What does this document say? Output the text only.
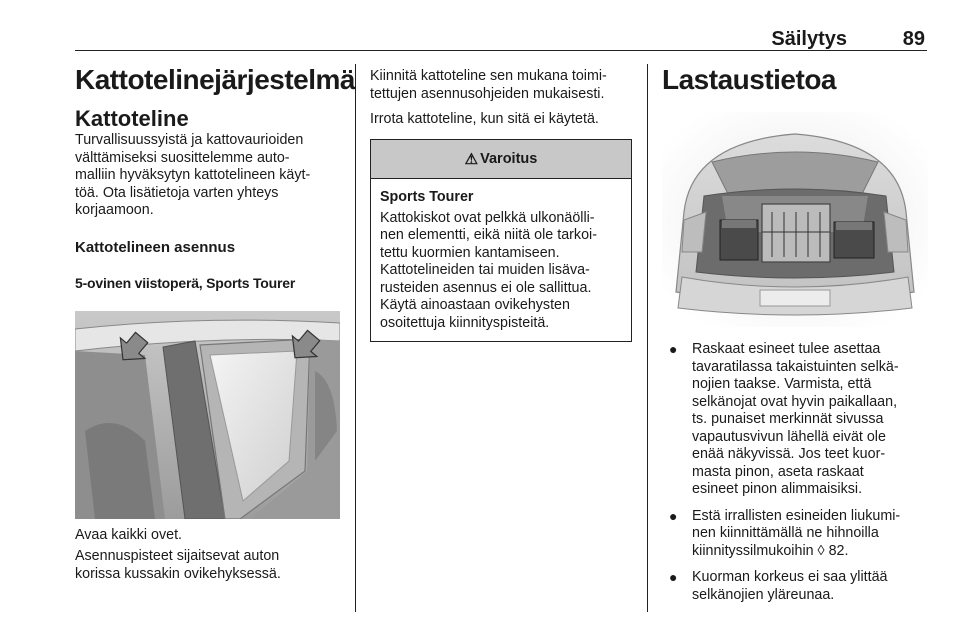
Säilytys	89
Kattotelinejärjestelmä
Kattoteline

Turvallisuussyistä ja kattovaurioiden
välttämiseksi suosittelemme auto-
malliin hyväksytyn kattotelineen käyt-
töä. Ota lisätietoja varten yhteys
korjaamoon.

Kattotelineen asennus
5-ovinen viistoperä, Sports Tourer

Avaa kaikki ovet.

Asennuspisteet sijaitsevat auton
korissa kussakin ovikehyksessä.

Kiinnitä kattoteline sen mukana toimi-
tettujen asennusohjeiden mukaisesti.

Irrota kattoteline, kun sitä ei käytetä.

⚠ Varoitus
Sports Tourer

Kattokiskot ovat pelkkä ulkonäölli-
nen elementti, eikä niitä ole tarkoi-
tettu kuormien kantamiseen.
Kattotelineiden tai muiden lisäva-
rusteiden asennus ei ole sallittua.
Käytä ainoastaan ovikehysten
osoitettuja kiinnityspisteitä.

Lastaustietoa
● Raskaat esineet tulee asettaa
tavaratilassa takaistuinten selkä-
nojien taakse. Varmista, että
selkänojat ovat hyvin paikallaan,
ts. punaiset merkinnät sivussa
vapautusvivun lähellä eivät ole
enää näkyvissä. Jos teet kuor-
masta pinon, aseta raskaat
esineet pinon alimmaisiksi.
● Estä irrallisten esineiden liukumi-
nen kiinnittämällä ne hihnoilla
kiinnityssilmukoihin ◊ 82.
● Kuorman korkeus ei saa ylittää
selkänojien yläreunaa.
